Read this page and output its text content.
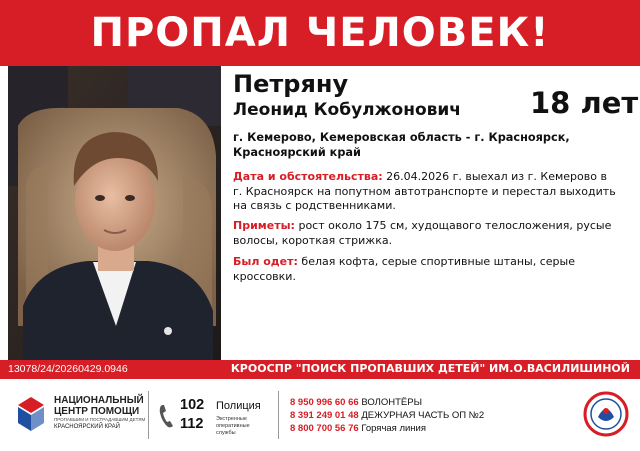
ПРОПАЛ ЧЕЛОВЕК!
Петряну
Леонид Кобулжонович	18 лет
г. Кемерово, Кемеровская область - г. Красноярск, Красноярский край
Дата и обстоятельства: 26.04.2026 г. выехал из г. Кемерово в г. Красноярск на попутном автотранспорте и перестал выходить на связь с родственниками.
Приметы: рост около 175 см, худощавого телосложения, русые волосы, короткая стрижка.
Был одет: белая кофта, серые спортивные штаны, серые кроссовки.
13078/24/20260429.0946	КРООСПР "ПОИСК ПРОПАВШИХ ДЕТЕЙ" ИМ.О.ВАСИЛИШИНОЙ
НАЦИОНАЛЬНЫЙ
ЦЕНТР ПОМОЩИ
ПРОПАВШИМ И ПОСТРАДАВШИМ ДЕТЯМ
КРАСНОЯРСКИЙ КРАЙ
102 Полиция
112 Экстренные
оперативные
службы
8 950 996 60 66 ВОЛОНТЁРЫ
8 391 249 01 48 ДЕЖУРНАЯ ЧАСТЬ ОП №2
8 800 700 56 76 Горячая линия
